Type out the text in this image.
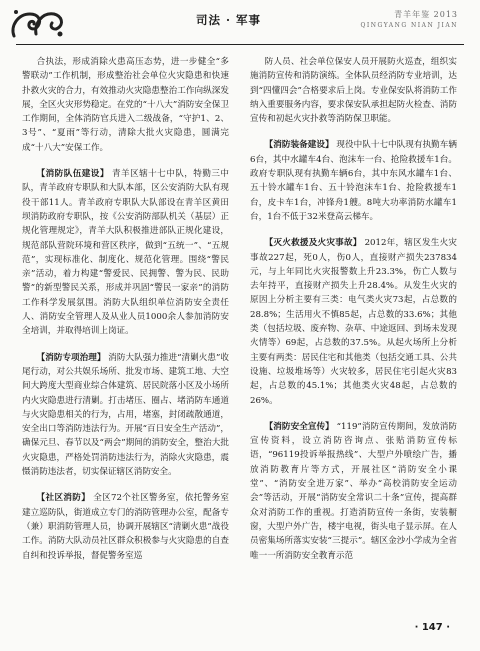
司法 · 军事	青羊年鉴 2013
QINGYANG NIAN JIAN

合执法，形成消除火患高压态势，进一步健全“多警联动”工作机制，形成整治社会单位火灾隐患和快速扑救火灾的合力，有效推动火灾隐患整治工作向纵深发展，全区火灾形势稳定。在党的“十八大”消防安全保卫工作期间，全体消防官兵进入二级战备，“守护1、2、3号”、“夏雨”等行动，清除大批火灾隐患，圆满完成“十八大”安保工作。

【消防队伍建设】 青羊区辖十七中队，特勤三中队，青羊政府专职队和大队本部，区公安消防大队有现役干部11人。青羊政府专职队大队部设在青羊区黄田坝消防政府专职队，按《公安消防部队机关（基层）正规化管理规定》，青羊大队积极推进部队正规化建设，规范部队营院环境和营区秩序，做到“五统一”、“五规范”，实现标准化、制度化、规范化管理。围绕“警民亲”活动，着力构建“警爱民、民拥警、警为民、民助警”的新型警民关系，形成并巩固“警民一家亲”的消防工作科学发展氛围。消防大队组织单位消防安全责任人、消防安全管理人及从业人员1000余人参加消防安全培训，并取得培训上岗证。

【消防专项治理】 消防大队强力推进“清剿火患”收尾行动，对公共娱乐场所、批发市场、建筑工地、大空间大跨度大型商业综合体建筑、居民院落小区及小场所内火灾隐患进行清剿。打击堵压、圈占、堵消防车通道与火灾隐患相关的行为，占用，堵塞，封闭疏散通道，安全出口等消防违法行为。开展“百日安全生产活动”，确保元旦、春节以及“两会”期间的消防安全，整治大批火灾隐患，严格处罚消防违法行为，消除火灾隐患，震慑消防违法者，切实保证辖区消防安全。

【社区消防】 全区72个社区警务室，依托警务室建立巡防队，街道成立专门的消防管理办公室，配备专（兼）职消防管理人员，协调开展辖区“清剿火患”战役工作。消防大队动员社区群众积极参与火灾隐患的自查自纠和投诉举报，督促警务室巡

防人员、社会单位保安人员开展防火巡查，组织实施消防宣传和消防演练。全体队员经消防专业培训，达到“四懂四会”合格要求后上岗。专业保安队将消防工作纳入重要服务内容，要求保安队承担起防火检查、消防宣传和初起火灾扑救等消防保卫职能。

【消防装备建设】 现役中队十七中队现有执勤车辆6台，其中水罐车4台、泡沫车一台、抢险救援车1台。政府专职队现有执勤车辆6台，其中东风水罐车1台、五十铃水罐车1台、五十铃泡沫车1台、抢险救援车1台，皮卡车1台，冲锋舟1艘。8吨大功率消防水罐车1台，1台不低于32米登高云梯车。

【灭火救援及火灾事故】 2012年，辖区发生火灾事故227起，死0人，伤0人，直接财产损失237834元，与上年同比火灾报警数上升23.3%，伤亡人数与去年持平，直接财产损失上升28.4%。从发生火灾的原因上分析主要有三类：电气类火灾73起，占总数的28.8%；生活用火不慎85起，占总数的33.6%；其他类（包括垃圾、废弃物、杂草、中途返回、到场未发现火情等）69起，占总数的37.5%。从起火场所上分析主要有两类：居民住宅和其他类（包括交通工具、公共设施、垃圾堆场等）火灾较多，居民住宅引起火灾83起，占总数的45.1%；其他类火灾48起，占总数的26%。

【消防安全宣传】 “119”消防宣传期间，发放消防宣传资料，设立消防咨询点、张贴消防宣传标语，“96119投诉举报热线”、大型户外喷绘广告，播放消防教育片等方式，开展社区“消防安全小课堂”、“消防安全进万家”、举办“高校消防安全运动会”等活动，开展“消防安全常识二十条”宣传，提高群众对消防工作的重视。打造消防宣传一条街，安装橱窗，大型户外广告，楼宇电视，街头电子显示屏。在人员密集场所落实安装“三提示”。辖区金沙小学成为全省唯一一所消防安全教育示范

· 147 ·
